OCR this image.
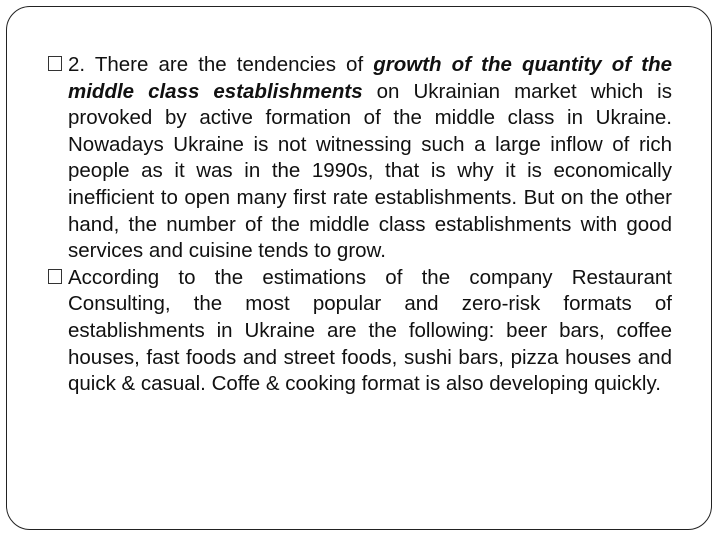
2. There are the tendencies of growth of the quantity of the middle class establishments on Ukrainian market which is provoked by active formation of the middle class in Ukraine. Nowadays Ukraine is not witnessing such a large inflow of rich people as it was in the 1990s, that is why it is economically inefficient to open many first rate establishments. But on the other hand, the number of the middle class establishments with good services and cuisine tends to grow.

According to the estimations of the company Restaurant Consulting, the most popular and zero-risk formats of establishments in Ukraine are the following: beer bars, coffee houses, fast foods and street foods, sushi bars, pizza houses and quick & casual. Coffe & cooking format is also developing quickly.
